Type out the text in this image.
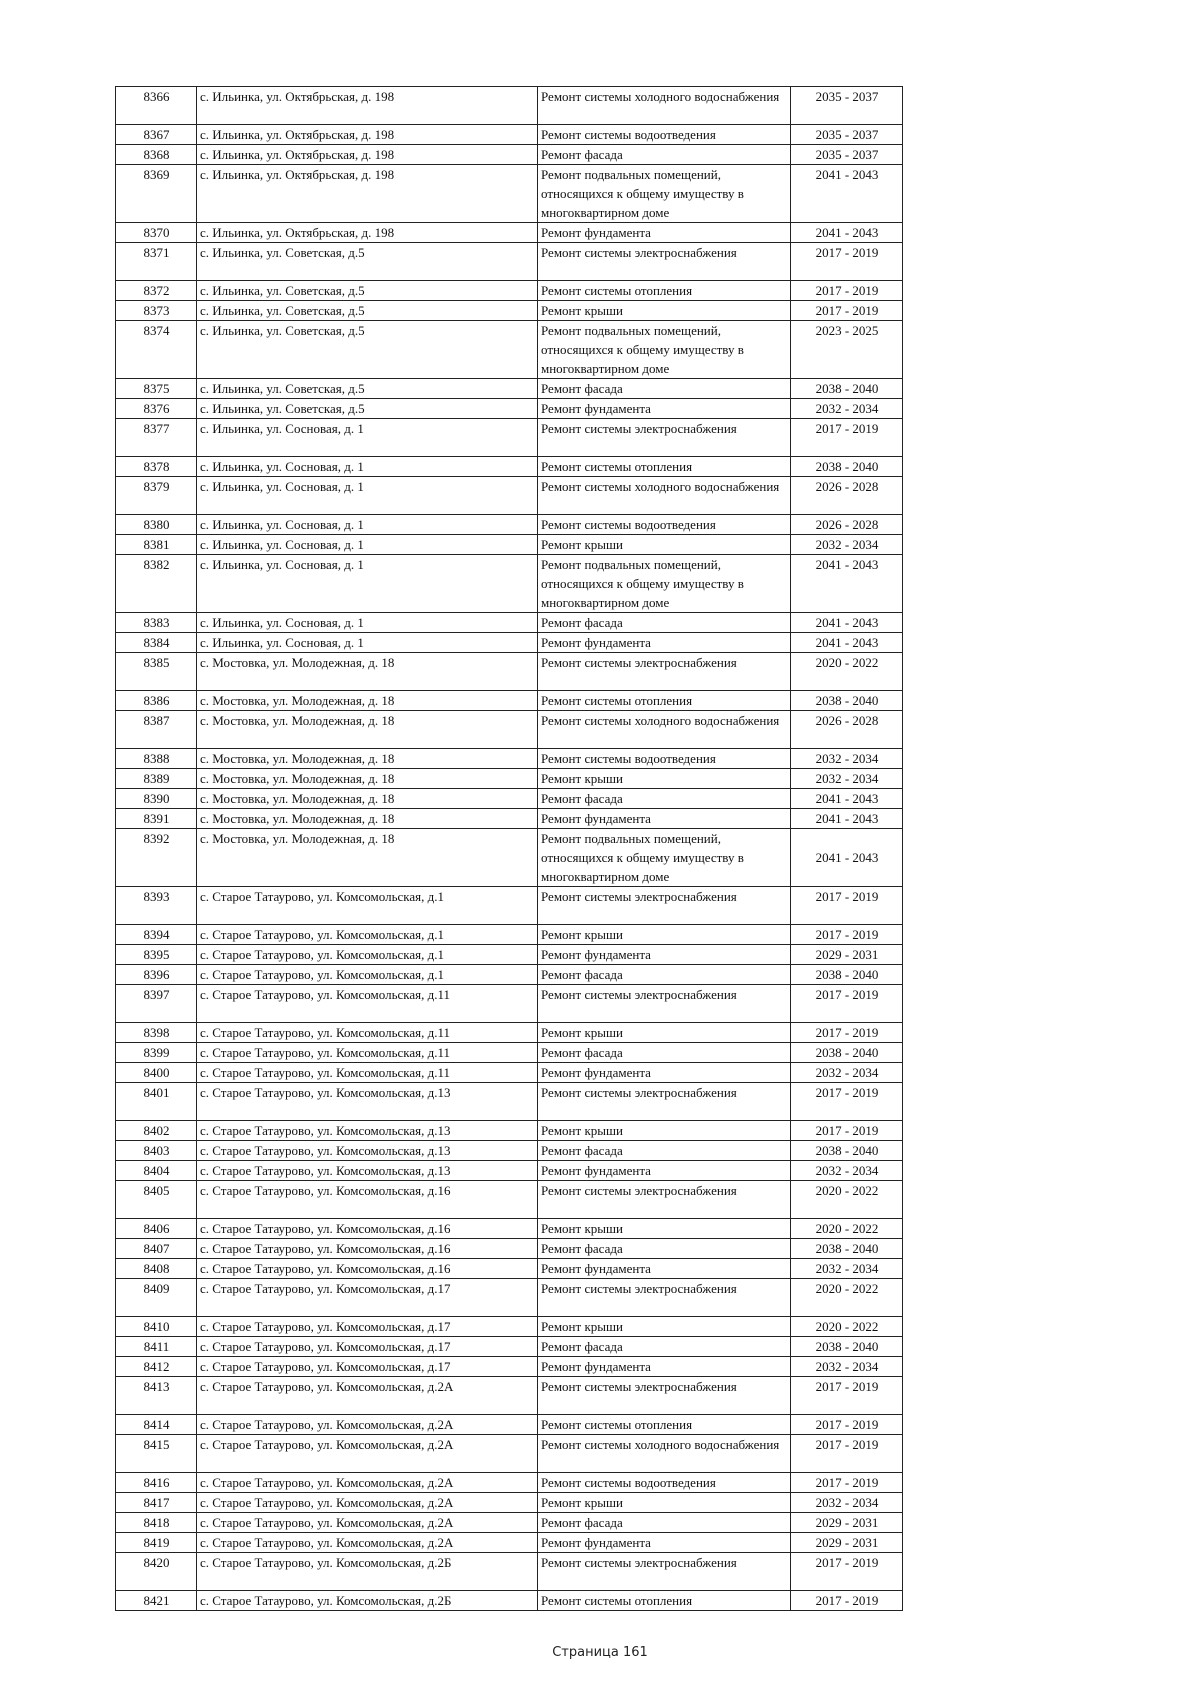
8366	с. Ильинка, ул. Октябрьская, д. 198	Ремонт системы холодного водоснабжения	2035 - 2037
8367	с. Ильинка, ул. Октябрьская, д. 198	Ремонт системы водоотведения	2035 - 2037
8368	с. Ильинка, ул. Октябрьская, д. 198	Ремонт фасада	2035 - 2037
8369	с. Ильинка, ул. Октябрьская, д. 198	Ремонт подвальных помещений, относящихся к общему имуществу в многоквартирном доме	2041 - 2043
8370	с. Ильинка, ул. Октябрьская, д. 198	Ремонт фундамента	2041 - 2043
8371	с. Ильинка, ул. Советская, д.5	Ремонт системы электроснабжения	2017 - 2019
8372	с. Ильинка, ул. Советская, д.5	Ремонт системы отопления	2017 - 2019
8373	с. Ильинка, ул. Советская, д.5	Ремонт крыши	2017 - 2019
8374	с. Ильинка, ул. Советская, д.5	Ремонт подвальных помещений, относящихся к общему имуществу в многоквартирном доме	2023 - 2025
8375	с. Ильинка, ул. Советская, д.5	Ремонт фасада	2038 - 2040
8376	с. Ильинка, ул. Советская, д.5	Ремонт фундамента	2032 - 2034
8377	с. Ильинка, ул. Сосновая, д. 1	Ремонт системы электроснабжения	2017 - 2019
8378	с. Ильинка, ул. Сосновая, д. 1	Ремонт системы отопления	2038 - 2040
8379	с. Ильинка, ул. Сосновая, д. 1	Ремонт системы холодного водоснабжения	2026 - 2028
8380	с. Ильинка, ул. Сосновая, д. 1	Ремонт системы водоотведения	2026 - 2028
8381	с. Ильинка, ул. Сосновая, д. 1	Ремонт крыши	2032 - 2034
8382	с. Ильинка, ул. Сосновая, д. 1	Ремонт подвальных помещений, относящихся к общему имуществу в многоквартирном доме	2041 - 2043
8383	с. Ильинка, ул. Сосновая, д. 1	Ремонт фасада	2041 - 2043
8384	с. Ильинка, ул. Сосновая, д. 1	Ремонт фундамента	2041 - 2043
8385	с. Мостовка, ул. Молодежная, д. 18	Ремонт системы электроснабжения	2020 - 2022
8386	с. Мостовка, ул. Молодежная, д. 18	Ремонт системы отопления	2038 - 2040
8387	с. Мостовка, ул. Молодежная, д. 18	Ремонт системы холодного водоснабжения	2026 - 2028
8388	с. Мостовка, ул. Молодежная, д. 18	Ремонт системы водоотведения	2032 - 2034
8389	с. Мостовка, ул. Молодежная, д. 18	Ремонт крыши	2032 - 2034
8390	с. Мостовка, ул. Молодежная, д. 18	Ремонт фасада	2041 - 2043
8391	с. Мостовка, ул. Молодежная, д. 18	Ремонт фундамента	2041 - 2043
8392	с. Мостовка, ул. Молодежная, д. 18	Ремонт подвальных помещений, относящихся к общему имуществу в многоквартирном доме	2041 - 2043
8393	с. Старое Татаурово, ул. Комсомольская, д.1	Ремонт системы электроснабжения	2017 - 2019
8394	с. Старое Татаурово, ул. Комсомольская, д.1	Ремонт крыши	2017 - 2019
8395	с. Старое Татаурово, ул. Комсомольская, д.1	Ремонт фундамента	2029 - 2031
8396	с. Старое Татаурово, ул. Комсомольская, д.1	Ремонт фасада	2038 - 2040
8397	с. Старое Татаурово, ул. Комсомольская, д.11	Ремонт системы электроснабжения	2017 - 2019
8398	с. Старое Татаурово, ул. Комсомольская, д.11	Ремонт крыши	2017 - 2019
8399	с. Старое Татаурово, ул. Комсомольская, д.11	Ремонт фасада	2038 - 2040
8400	с. Старое Татаурово, ул. Комсомольская, д.11	Ремонт фундамента	2032 - 2034
8401	с. Старое Татаурово, ул. Комсомольская, д.13	Ремонт системы электроснабжения	2017 - 2019
8402	с. Старое Татаурово, ул. Комсомольская, д.13	Ремонт крыши	2017 - 2019
8403	с. Старое Татаурово, ул. Комсомольская, д.13	Ремонт фасада	2038 - 2040
8404	с. Старое Татаурово, ул. Комсомольская, д.13	Ремонт фундамента	2032 - 2034
8405	с. Старое Татаурово, ул. Комсомольская, д.16	Ремонт системы электроснабжения	2020 - 2022
8406	с. Старое Татаурово, ул. Комсомольская, д.16	Ремонт крыши	2020 - 2022
8407	с. Старое Татаурово, ул. Комсомольская, д.16	Ремонт фасада	2038 - 2040
8408	с. Старое Татаурово, ул. Комсомольская, д.16	Ремонт фундамента	2032 - 2034
8409	с. Старое Татаурово, ул. Комсомольская, д.17	Ремонт системы электроснабжения	2020 - 2022
8410	с. Старое Татаурово, ул. Комсомольская, д.17	Ремонт крыши	2020 - 2022
8411	с. Старое Татаурово, ул. Комсомольская, д.17	Ремонт фасада	2038 - 2040
8412	с. Старое Татаурово, ул. Комсомольская, д.17	Ремонт фундамента	2032 - 2034
8413	с. Старое Татаурово, ул. Комсомольская, д.2А	Ремонт системы электроснабжения	2017 - 2019
8414	с. Старое Татаурово, ул. Комсомольская, д.2А	Ремонт системы отопления	2017 - 2019
8415	с. Старое Татаурово, ул. Комсомольская, д.2А	Ремонт системы холодного водоснабжения	2017 - 2019
8416	с. Старое Татаурово, ул. Комсомольская, д.2А	Ремонт системы водоотведения	2017 - 2019
8417	с. Старое Татаурово, ул. Комсомольская, д.2А	Ремонт крыши	2032 - 2034
8418	с. Старое Татаурово, ул. Комсомольская, д.2А	Ремонт фасада	2029 - 2031
8419	с. Старое Татаурово, ул. Комсомольская, д.2А	Ремонт фундамента	2029 - 2031
8420	с. Старое Татаурово, ул. Комсомольская, д.2Б	Ремонт системы электроснабжения	2017 - 2019
8421	с. Старое Татаурово, ул. Комсомольская, д.2Б	Ремонт системы отопления	2017 - 2019
Страница 161
